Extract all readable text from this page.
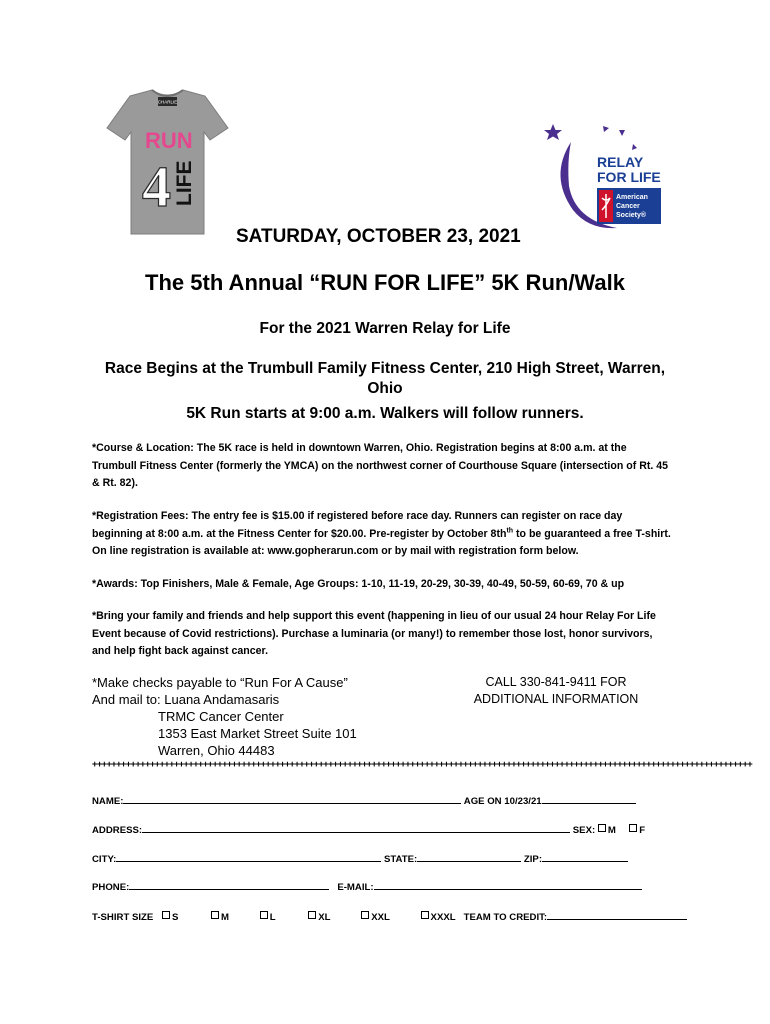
CHARLIE
RUN
4 LIFE	RELAY
FOR LIFE
American
Cancer
Society®
SATURDAY, OCTOBER 23, 2021
The 5th Annual “RUN FOR LIFE” 5K Run/Walk
For the 2021 Warren Relay for Life
Race Begins at the Trumbull Family Fitness Center, 210 High Street, Warren, Ohio
5K Run starts at 9:00 a.m. Walkers will follow runners.
*Course & Location: The 5K race is held in downtown Warren, Ohio. Registration begins at 8:00 a.m. at the Trumbull Fitness Center (formerly the YMCA) on the northwest corner of Courthouse Square (intersection of Rt. 45 & Rt. 82).
*Registration Fees: The entry fee is $15.00 if registered before race day. Runners can register on race day beginning at 8:00 a.m. at the Fitness Center for $20.00. Pre-register by October $8th^{th}$ to be guaranteed a free T-shirt. On line registration is available at: www.gopherarun.com or by mail with registration form below.
*Awards: Top Finishers, Male & Female, Age Groups: 1-10, 11-19, 20-29, 30-39, 40-49, 50-59, 60-69, 70 & up
*Bring your family and friends and help support this event (happening in lieu of our usual 24 hour Relay For Life Event because of Covid restrictions). Purchase a luminaria (or many!) to remember those lost, honor survivors, and help fight back against cancer.
*Make checks payable to “Run For A Cause”
And mail to: Luana Andamasaris
TRMC Cancer Center
1353 East Market Street Suite 101
Warren, Ohio 44483
CALL 330-841-9411 FOR
ADDITIONAL INFORMATION
+++++++++++++++++++++++++++++++++++++++++++++++++++++++++++++++++++++++++++++++++++++++++++++++++++++++++++++++++++++++++++++++++++++++++
NAME:	AGE ON 10/23/21
ADDRESS:	SEX: M F
CITY:	STATE:	ZIP:
PHONE:	E-MAIL:
T-SHIRT SIZE S	M	L	XL	XXL	XXXL TEAM TO CREDIT:
